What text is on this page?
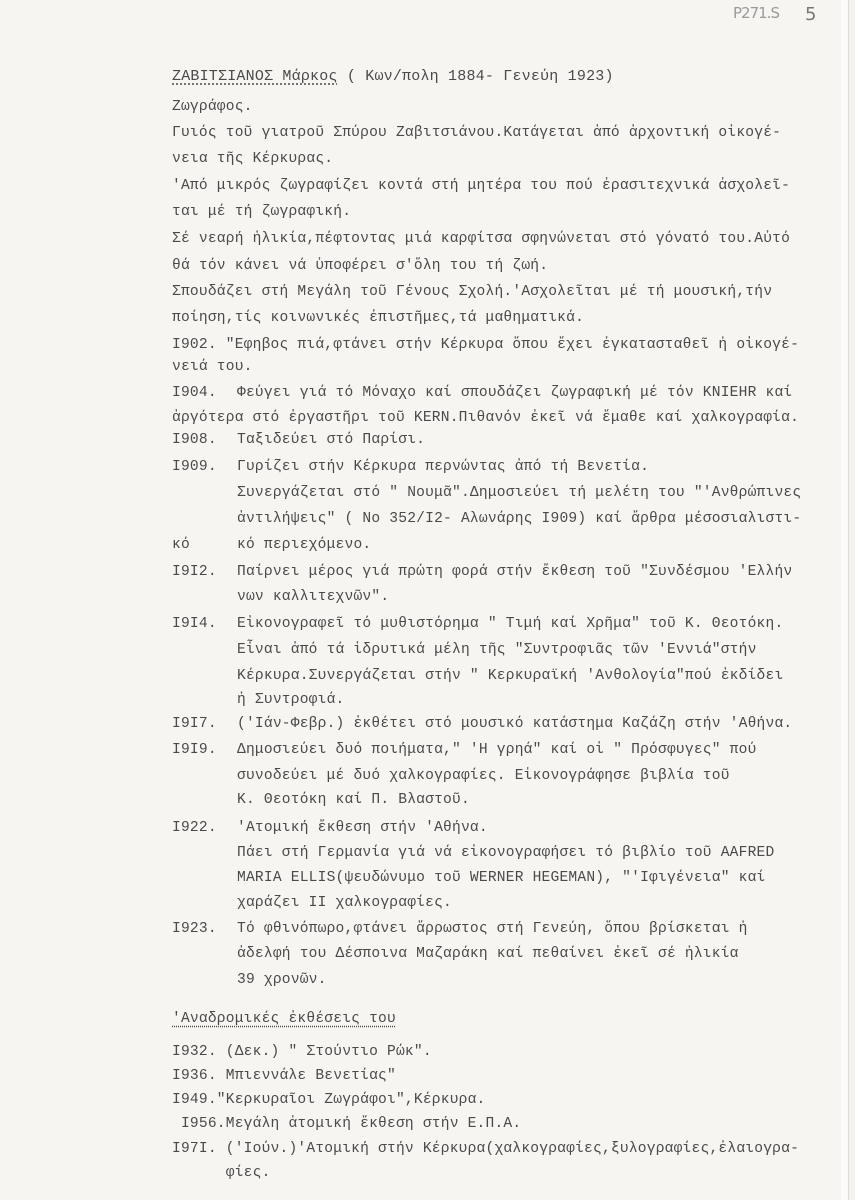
P271.S 5
ΖΑΒΙΤΣΙΑΝΟΣ Μάρκος ( Κων/πολη 1884- Γενεύη 1923)
Ζωγράφος.
Γυιός τοῦ γιατροῦ Σπύρου Ζαβιτσιάνου.Κατάγεται ἀπό ἀρχοντική οἰκογέ-
νεια τῆς Κέρκυρας.
'Από μικρός ζωγραφίζει κοντά στή μητέρα του πού ἐρασιτεχνικά ἀσχολεῖ-
ται μέ τή ζωγραφική.
Σέ νεαρή ἡλικία,πέφτοντας μιά καρφίτσα σφηνώνεται στό γόνατό του.Αὐτό
θά τόν κάνει νά ὑποφέρει σ'ὅλη του τή ζωή.
Σπουδάζει στή Μεγάλη τοῦ Γένους Σχολή.'Ασχολεῖται μέ τή μουσική,τήν
ποίηση,τίς κοινωνικές ἐπιστῆμες,τά μαθηματικά.
I902. "Εφηβος πιά,φτάνει στήν Κέρκυρα ὅπου ἔχει ἐγκατασταθεῖ ἡ οἰκογέ-
νειά του.
I904. Φεύγει γιά τό Μόναχο καί σπουδάζει ζωγραφική μέ τόν KNIEHR καί
ἀργότερα στό ἐργαστῆρι τοῦ KERN.Πιθανόν ἐκεῖ νά ἔμαθε καί χαλκογραφία.
I908. Ταξιδεύει στό Παρίσι.
I909. Γυρίζει στήν Κέρκυρα περνώντας ἀπό τή Βενετία.
Συνεργάζεται στό " Νουμᾶ".Δημοσιεύει τή μελέτη του "'Ανθρώπινες
ἀντιλήψεις" ( Νο 352/I2- Αλωνάρης I909) καί ἄρθρα μέσοσιαλιστι-
κό	κό περιεχόμενο.
I9I2. Παίρνει μέρος γιά πρώτη φορά στήν ἔκθεση τοῦ "Συνδέσμου 'Ελλήν
νων καλλιτεχνῶν".
I9I4. Εἰκονογραφεῖ τό μυθιστόρημα " Τιμή καί Χρῆμα" τοῦ Κ. Θεοτόκη.
Εἶναι ἀπό τά ἱδρυτικά μέλη τῆς "Συντροφιᾶς τῶν 'Εννιά"στήν
Κέρκυρα.Συνεργάζεται στήν " Κερκυραϊκή 'Ανθολογία"πού ἐκδίδει
ἡ Συντροφιά.
I9I7. ('Ιάν-Φεβρ.) ἐκθέτει στό μουσικό κατάστημα Καζάζη στήν 'Αθήνα.
I9I9. Δημοσιεύει δυό ποιήματα," 'Η γρηά" καί οἱ " Πρόσφυγες" πού
συνοδεύει μέ δυό χαλκογραφίες. Εἰκονογράφησε βιβλία τοῦ
Κ. Θεοτόκη καί Π. Βλαστοῦ.
I922. 'Ατομική ἔκθεση στήν 'Αθήνα.
Πάει στή Γερμανία γιά νά εἰκονογραφήσει τό βιβλίο τοῦ AAFRED
MARIA ELLIS(ψευδώνυμο τοῦ WERNER HEGEMAN), "'Ιφιγένεια" καί
χαράζει II χαλκογραφίες.
I923. Τό φθινόπωρο,φτάνει ἄρρωστος στή Γενεύη, ὅπου βρίσκεται ἡ
ἀδελφή του Δέσποινα Μαζαράκη καί πεθαίνει ἐκεῖ σέ ἡλικία
39 χρονῶν.
'Αναδρομικές ἐκθέσεις του
I932. (Δεκ.) " Στούντιο Ρώκ".
I936. Μπιεννάλε Βενετίας"
I949."Κερκυραῖοι Ζωγράφοι",Κέρκυρα.
I956.Μεγάλη ἀτομική ἔκθεση στήν Ε.Π.Α.
I97I. ('Ιούν.)'Ατομική στήν Κέρκυρα(χαλκογραφίες,ξυλογραφίες,ἐλαιογρα-
φίες.
